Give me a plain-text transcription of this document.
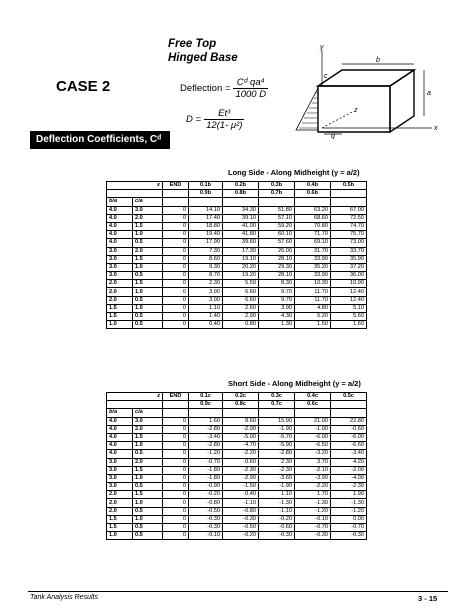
Free Top
Hinged Base
CASE 2	Deflection = $\frac{\text{Cᵈ qa⁴}}{1000 D}$
$D = \frac{\text{Et³}}{\text{12(1- μ²)}}$
Deflection Coefficients, Cᵈ
y
x
z
b
a
c
q
Long Side - Along Midheight (y = a/2)
x		END	0.1b	0.2b	0.3b	0.4b	0.5b
			0.9b	0.8b	0.7b	0.6b	
b/a	c/a						
4.0	3.0	0	14.10	34.30	51.80	63.20	67.00
4.0	2.0	0	17.40	39.10	57.10	68.60	72.50
4.0	1.5	0	18.80	41.00	59.20	70.80	74.70
4.0	1.0	0	19.40	41.80	60.10	71.70	75.70
4.0	0.5	0	17.90	39.60	57.60	69.10	73.00
3.0	2.0	0	7.30	17.30	26.00	31.70	33.70
3.0	1.5	0	8.60	19.10	28.10	33.90	35.90
3.0	1.0	0	9.30	20.20	29.30	35.20	37.20
3.0	0.5	0	8.70	19.20	28.10	33.90	36.00
2.0	1.5	0	2.30	5.50	8.30	10.30	10.90
2.0	1.0	0	3.00	6.60	9.70	11.70	12.40
2.0	0.5	0	3.00	6.60	9.70	11.70	12.40
1.5	1.0	0	1.10	2.60	3.90	4.80	5.10
1.5	0.5	0	1.40	2.90	4.30	5.20	5.60
1.0	0.5	0	0.40	0.80	1.30	1.50	1.60
Short Side - Along Midheight (y = a/2)
z		END	0.1c	0.2c	0.3c	0.4c	0.5c
			0.9c	0.8c	0.7c	0.6c	
b/a	c/a						
4.0	3.0	0	1.60	8.60	15.90	21.00	22.80
4.0	2.0	0	-2.80	-2.90	-1.90	-1.00	-0.60
4.0	1.5	0	-3.40	-5.00	-5.70	-6.00	-6.00
4.0	1.0	0	-2.80	-4.70	-5.90	-6.50	-6.60
4.0	0.5	0	-1.20	-2.20	-2.80	-3.20	-3.40
3.0	2.0	0	-0.70	0.60	2.30	3.70	4.20
3.0	1.5	0	-1.80	-2.30	-2.30	-2.10	-2.00
3.0	1.0	0	-1.80	-2.90	-3.60	-3.90	-4.00
3.0	0.5	0	-0.90	-1.50	-1.90	-2.20	-2.30
2.0	1.5	0	-0.20	0.40	1.10	1.70	1.90
2.0	1.0	0	-0.80	-1.10	-1.30	-1.30	-1.30
2.0	0.5	0	-0.50	-0.80	-1.10	-1.20	-1.20
1.5	1.0	0	-0.30	-0.30	-0.20	-0.10	0.00
1.5	0.5	0	-0.30	-0.50	-0.60	-0.70	-0.70
1.0	0.5	0	-0.10	-0.20	-0.30	-0.30	-0.30
Tank Analysis Results	3 - 15
